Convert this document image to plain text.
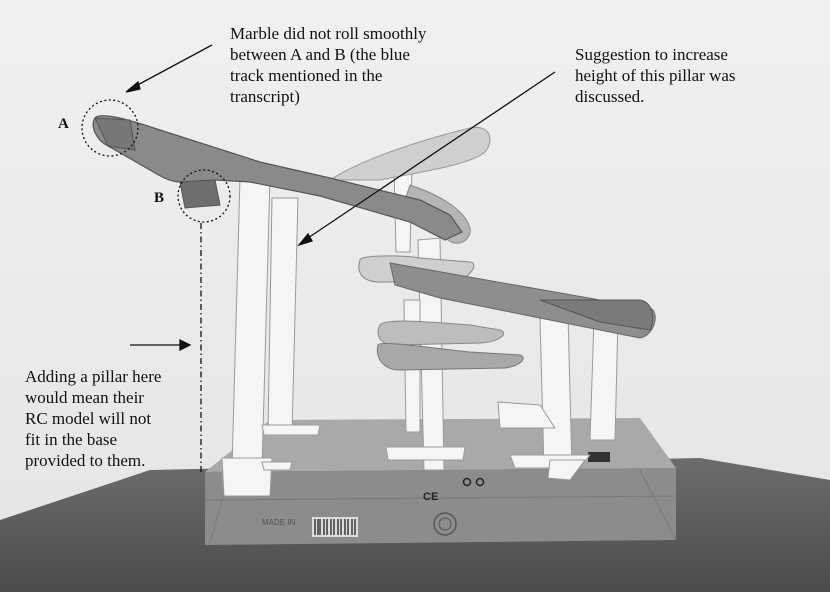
MADE IN
CE
Marble did not roll smoothly
between A and B (the blue
track mentioned in the
transcript)
Suggestion to increase
height of this pillar was
discussed.
Adding a pillar here
would mean their
RC model will not
fit in the base
provided to them.
A
B
